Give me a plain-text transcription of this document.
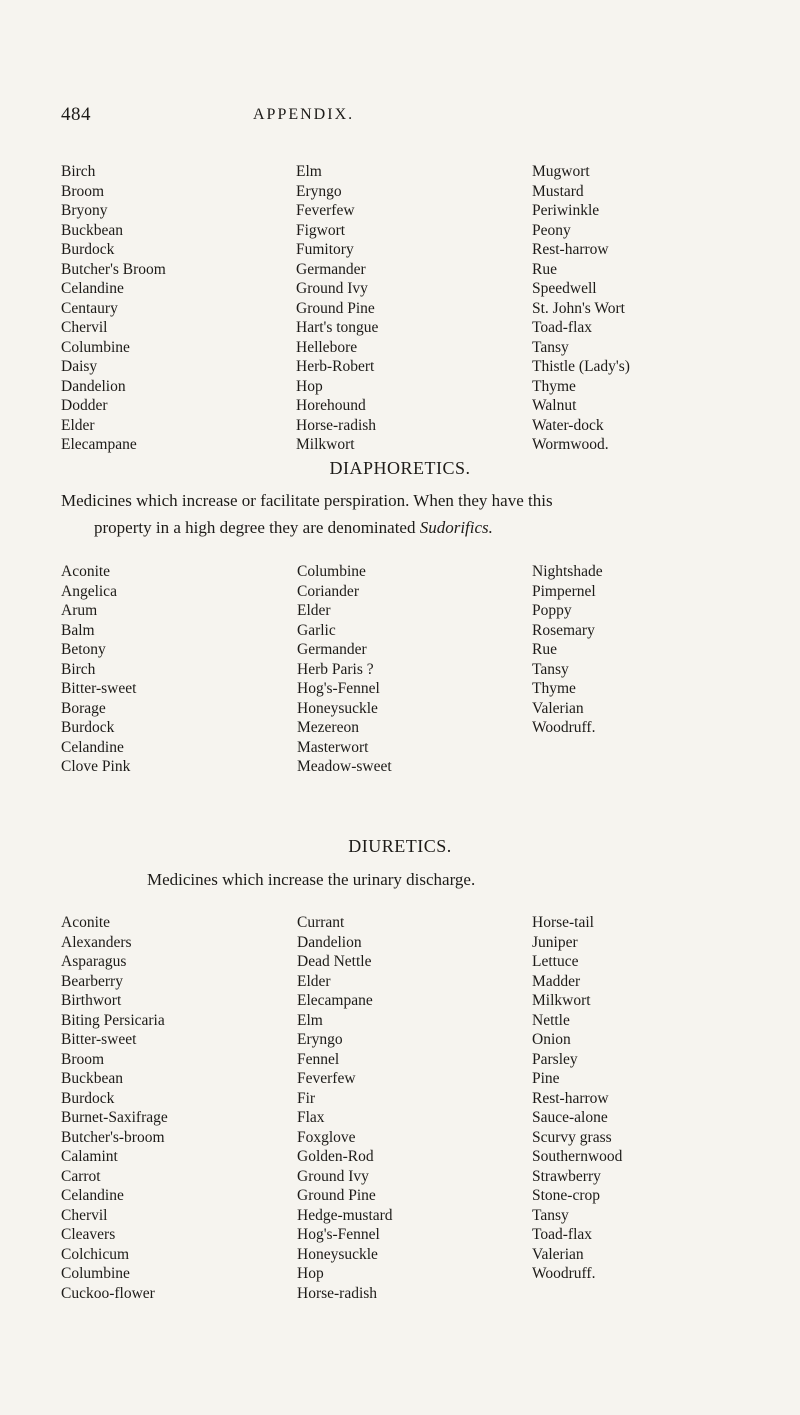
484	APPENDIX.
Birch
Broom
Bryony
Buckbean
Burdock
Butcher's Broom
Celandine
Centaury
Chervil
Columbine
Daisy
Dandelion
Dodder
Elder
Elecampane
Elm
Eryngo
Feverfew
Figwort
Fumitory
Germander
Ground Ivy
Ground Pine
Hart's tongue
Hellebore
Herb-Robert
Hop
Horehound
Horse-radish
Milkwort
Mugwort
Mustard
Periwinkle
Peony
Rest-harrow
Rue
Speedwell
St. John's Wort
Toad-flax
Tansy
Thistle (Lady's)
Thyme
Walnut
Water-dock
Wormwood.
DIAPHORETICS.
Medicines which increase or facilitate perspiration. When they have this
property in a high degree they are denominated Sudorifics.
Aconite
Angelica
Arum
Balm
Betony
Birch
Bitter-sweet
Borage
Burdock
Celandine
Clove Pink
Columbine
Coriander
Elder
Garlic
Germander
Herb Paris ?
Hog's-Fennel
Honeysuckle
Mezereon
Masterwort
Meadow-sweet
Nightshade
Pimpernel
Poppy
Rosemary
Rue
Tansy
Thyme
Valerian
Woodruff.
DIURETICS.
Medicines which increase the urinary discharge.
Aconite
Alexanders
Asparagus
Bearberry
Birthwort
Biting Persicaria
Bitter-sweet
Broom
Buckbean
Burdock
Burnet-Saxifrage
Butcher's-broom
Calamint
Carrot
Celandine
Chervil
Cleavers
Colchicum
Columbine
Cuckoo-flower
Currant
Dandelion
Dead Nettle
Elder
Elecampane
Elm
Eryngo
Fennel
Feverfew
Fir
Flax
Foxglove
Golden-Rod
Ground Ivy
Ground Pine
Hedge-mustard
Hog's-Fennel
Honeysuckle
Hop
Horse-radish
Horse-tail
Juniper
Lettuce
Madder
Milkwort
Nettle
Onion
Parsley
Pine
Rest-harrow
Sauce-alone
Scurvy grass
Southernwood
Strawberry
Stone-crop
Tansy
Toad-flax
Valerian
Woodruff.
